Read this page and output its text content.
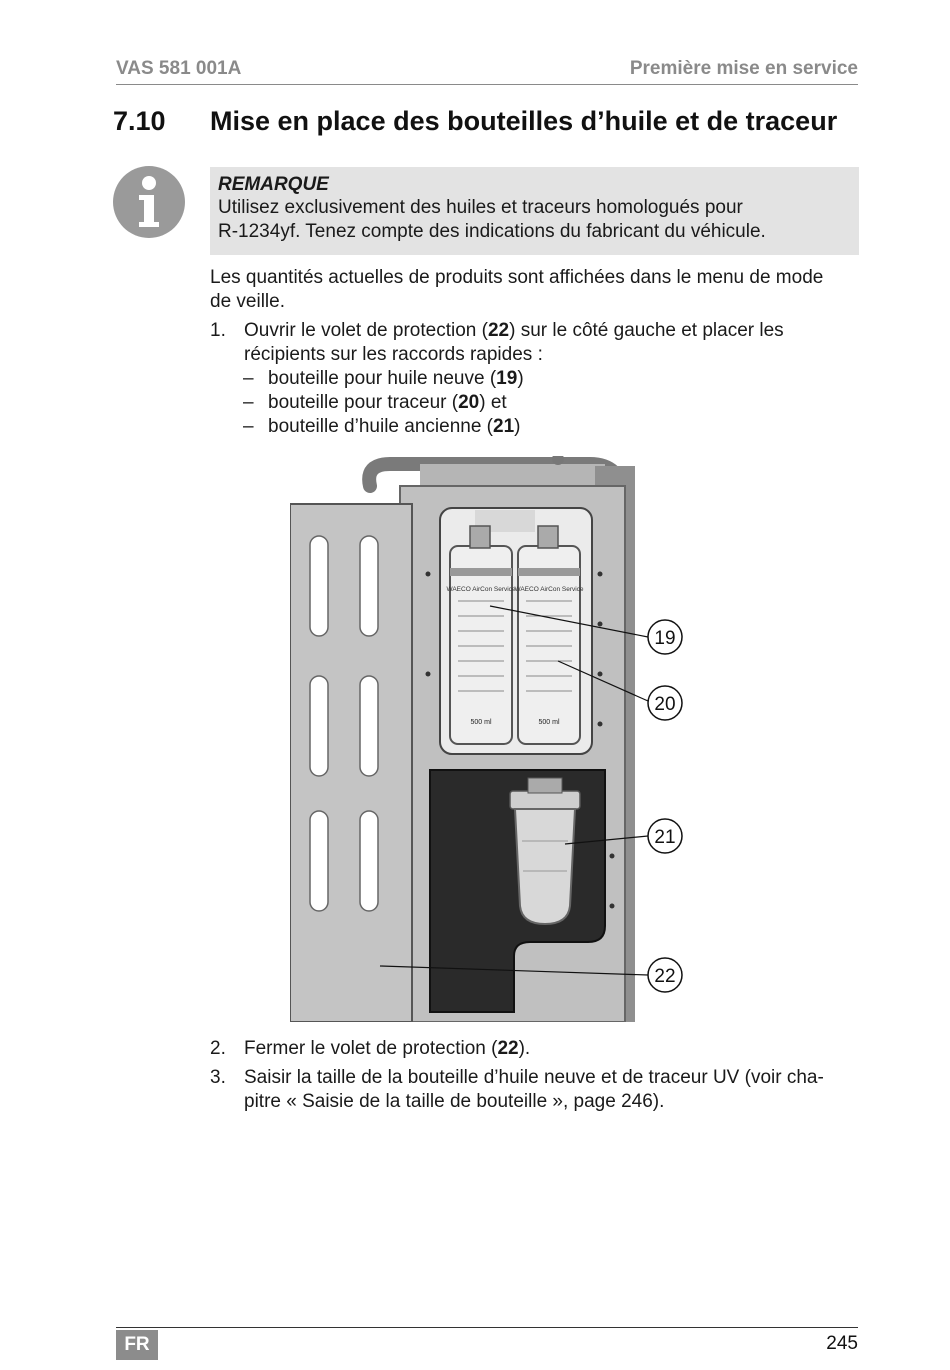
VAS 581 001A	Première mise en service
7.10 Mise en place des bouteilles d’huile et de traceur
REMARQUE
Utilisez exclusivement des huiles et traceurs homologués pour
R-1234yf. Tenez compte des indications du fabricant du véhicule.
Les quantités actuelles de produits sont affichées dans le menu de mode
de veille.
1. Ouvrir le volet de protection (22) sur le côté gauche et placer les
récipients sur les raccords rapides :
– bouteille pour huile neuve (19)
– bouteille pour traceur (20) et
– bouteille d’huile ancienne (21)
WAECO AirCon Service
500 ml
WAECO AirCon Service
500 ml
19
20
21
22
2. Fermer le volet de protection (22).
3. Saisir la taille de la bouteille d’huile neuve et de traceur UV (voir cha-
pitre « Saisie de la taille de bouteille », page 246).
FR	245
